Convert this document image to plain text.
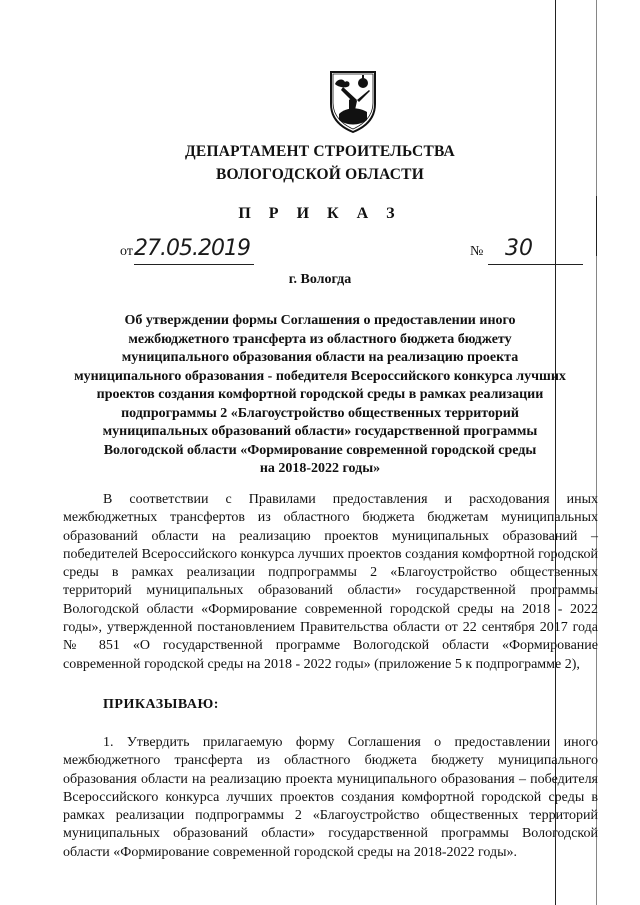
ДЕПАРТАМЕНТ СТРОИТЕЛЬСТВА
ВОЛОГОДСКОЙ ОБЛАСТИ
П Р И К А З
от 27.05.2019	№ 30
г. Вологда
Об утверждении формы Соглашения о предоставлении иного
межбюджетного трансферта из областного бюджета бюджету
муниципального образования области на реализацию проекта
муниципального образования - победителя Всероссийского конкурса лучших
проектов создания комфортной городской среды в рамках реализации
подпрограммы 2 «Благоустройство общественных территорий
муниципальных образований области» государственной программы
Вологодской области «Формирование современной городской среды
на 2018-2022 годы»

В соответствии с Правилами предоставления и расходования иных межбюджетных трансфертов из областного бюджета бюджетам муниципальных образований области на реализацию проектов муниципальных образований – победителей Всероссийского конкурса лучших проектов создания комфортной городской среды в рамках реализации подпрограммы 2 «Благоустройство общественных территорий муниципальных образований области» государственной программы Вологодской области «Формирование современной городской среды на 2018 - 2022 годы», утвержденной постановлением Правительства области от 22 сентября 2017 года № 851 «О государственной программе Вологодской области «Формирование современной городской среды на 2018 - 2022 годы» (приложение 5 к подпрограмме 2),

ПРИКАЗЫВАЮ:

1. Утвердить прилагаемую форму Соглашения о предоставлении иного межбюджетного трансферта из областного бюджета бюджету муниципального образования области на реализацию проекта муниципального образования – победителя Всероссийского конкурса лучших проектов создания комфортной городской среды в рамках реализации подпрограммы 2 «Благоустройство общественных территорий муниципальных образований области» государственной программы Вологодской области «Формирование современной городской среды на 2018-2022 годы».
